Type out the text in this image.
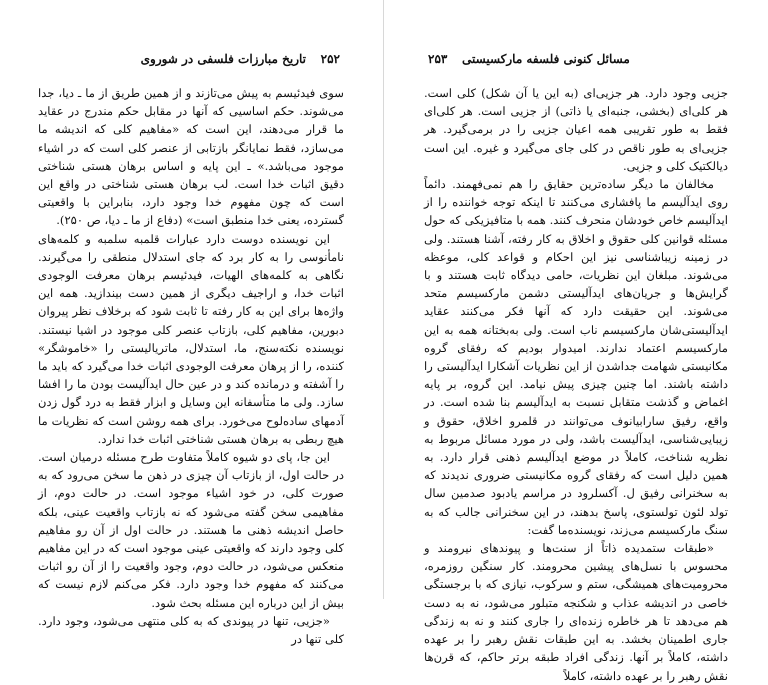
۲۵۲
تاریخ مبارزات فلسفی در شوروی

سوی فیدئیسم به پیش می‌تازند و از همین طریق از ما ـ دیا، جدا می‌شوند. حکم اساسیی که آنها در مقابل حکم مندرج در عقاید ما قرار می‌دهند، این است که «مفاهیم کلی که اندیشه ما می‌سازد، فقط نمایانگر بازتابی از عنصر کلی است که در اشیاء موجود می‌باشد.» ـ این پایه و اساس برهان هستی شناختی دقیق اثبات خدا است. لب برهان هستی شناختی در واقع این است که چون مفهوم خدا وجود دارد، بنابراین با واقعیتی گسترده، یعنی خدا منطبق است» (دفاع از ما ـ دیا، ص ۲۵۰).

این نویسنده دوست دارد عبارات قلمبه سلمبه و کلمه‌های نامأنوسی را به کار برد که جای استدلال منطقی را می‌گیرند. نگاهی به کلمه‌های الهیات، فیدئیسم برهان معرفت الوجودی اثبات خدا، و اراجیف دیگری از همین دست بیندازید. همه این واژه‌ها برای این به کار رفته تا ثابت شود که برخلاف نظر پیروان دبورین، مفاهیم کلی، بازتاب عنصر کلی موجود در اشیا نیستند. نویسنده نکته‌سنج، ما، استدلال، ماتریالیستی را «خاموشگر» کننده، را از پرهان معرفت الوجودی اثبات خدا می‌گیرد که باید ما را آشفته و درمانده کند و در عین حال ایدآلیست بودن ما را افشا سازد. ولی ما متأسفانه این وسایل و ابزار فقط به درد گول زدن آدمهای ساده‌لوح می‌خورد. برای همه روشن است که نظریات ما هیچ ربطی به برهان هستی شناختی اثبات خدا ندارد.

این جا، پای دو شیوه کاملاً متفاوت طرح مسئله درمیان است. در حالت اول، از بازتاب آن چیزی در ذهن ما سخن می‌رود که به صورت کلی، در خود اشیاء موجود است. در حالت دوم، از مفاهیمی سخن گفته می‌شود که نه بازتاب واقعیت عینی، بلکه حاصل اندیشه ذهنی ما هستند. در حالت اول از آن رو مفاهیم کلی وجود دارند که واقعیتی عینی موجود است که در این مفاهیم منعکس می‌شود، در حالت دوم، وجود واقعیت را از آن رو اثبات می‌کنند که مفهوم خدا وجود دارد. فکر می‌کنم لازم نیست که بیش از این درباره این مسئله بحث شود.

«جزیی، تنها در پیوندی که به کلی منتهی می‌شود، وجود دارد. کلی تنها در

۲۵۳ مسائل کنونی فلسفه مارکسیستی

جزیی وجود دارد. هر جزیی‌ای (به این یا آن شکل) کلی است. هر کلی‌ای (بخشی، جنبه‌ای یا ذاتی) از جزیی است. هر کلی‌ای فقط به طور تقریبی همه اعیان جزیی را در برمی‌گیرد. هر جزیی‌ای به طور ناقص در کلی جای می‌گیرد و غیره. این است دیالکتیک کلی و جزیی.

مخالفان ما دیگر ساده‌ترین حقایق را هم نمی‌فهمند. دائماً روی ایدآلیسم ما پافشاری می‌کنند تا اینکه توجه خواننده را از ایدآلیسم خاص خودشان منحرف کنند. همه با متافیزیکی که حول مسئله قوانین کلی حقوق و اخلاق به کار رفته، آشنا هستند. ولی در زمینه زیباشناسی نیز این احکام و قواعد کلی، موعظه می‌شوند. مبلغان این نظریات، حامی دیدگاه ثابت هستند و با گرایش‌ها و جریان‌های ایدآلیستی دشمن مارکسیسم متحد می‌شوند. این حقیقت دارد که آنها فکر می‌کنند عقاید ایدآلیستی‌شان مارکسیسم ناب است. ولی به‌بختانه همه به این مارکسیسم اعتماد ندارند. امیدوار بودیم که رفقای گروه مکانیستی شهامت جداشدن از این نظریات آشکارا ایدآلیستی را داشته باشند. اما چنین چیزی پیش نیامد. این گروه، بر پایه اغماض و گذشت متقابل نسبت به ایدآلیسم بنا شده است. در واقع، رفیق سارابیانوف می‌توانند در قلمرو اخلاق، حقوق و زیبایی‌شناسی، ایدآلیست باشد، ولی در مورد مسائل مربوط به نظریه شناخت، کاملاً در موضع ایدآلیسم ذهنی قرار دارد. به همین دلیل است که رفقای گروه مکانیستی ضروری ندیدند که به سخنرانی رفیق ل. آکسلرود در مراسم یادبود صدمین سال تولد لئون تولستوی، پاسخ بدهند، در این سخنرانی جالب که به سنگ مارکسیسم می‌زند، نویسنده‌ما گفت:

«طبقات ستمدیده ذاتاً از سنت‌ها و پیوندهای نیرومند و محسوس با نسل‌های پیشین محرومند. کار سنگین روزمره، محرومیت‌های همیشگی، ستم و سرکوب، نیازی که با برجستگی خاصی در اندیشه عذاب و شکنجه متبلور می‌شود، نه به دست هم می‌دهد تا هر خاطره زنده‌ای را جاری کنند و نه به زندگی جاری اطمینان بخشد. به این طبقات نقش رهبر را بر عهده داشته، کاملاً بر آنها. زندگی افراد طبقه برتر حاکم، که قرن‌ها نقش رهبر را بر عهده داشته، کاملاً
